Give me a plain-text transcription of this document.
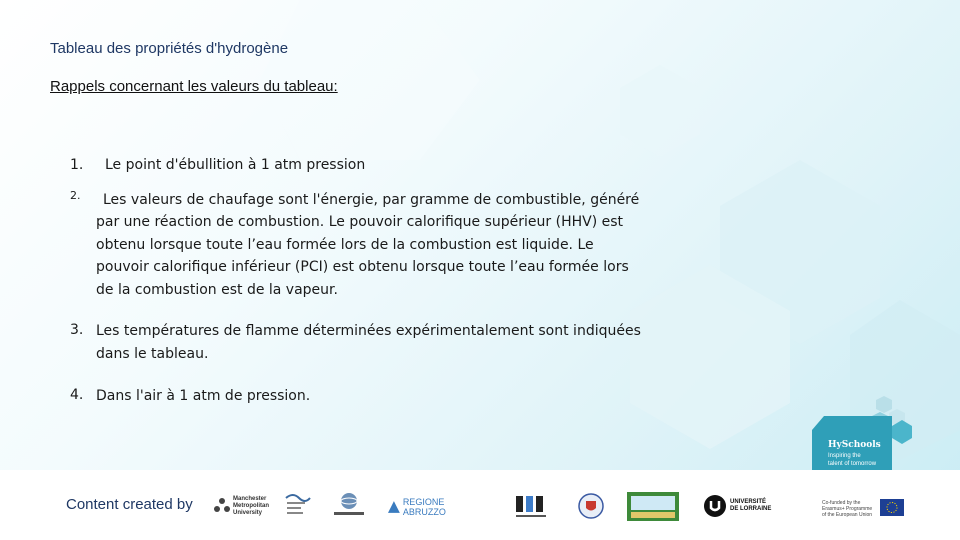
Tableau des propriétés d'hydrogène
Rappels concernant les valeurs du tableau:
1. Le point d'ébullition à 1 atm pression
2. Les valeurs de chaufage sont l'énergie, par gramme de combustible, généré
par une réaction de combustion. Le pouvoir calorifique supérieur (HHV) est
obtenu lorsque toute l’eau formée lors de la combustion est liquide. Le
pouvoir calorifique inférieur (PCI) est obtenu lorsque toute l’eau formée lors
de la combustion est de la vapeur.
3. Les températures de flamme déterminées expérimentalement sont indiquées
dans le tableau.
4. Dans l'air à 1 atm de pression.
HySchools
Inspiring the
talent of tomorrow
Content created by	Manchester
Metropolitan
University
REGIONE ABRUZZO
UNIVERSITÉ
DE LORRAINE
Co-funded by the
Erasmus+ Programme
of the European Union
